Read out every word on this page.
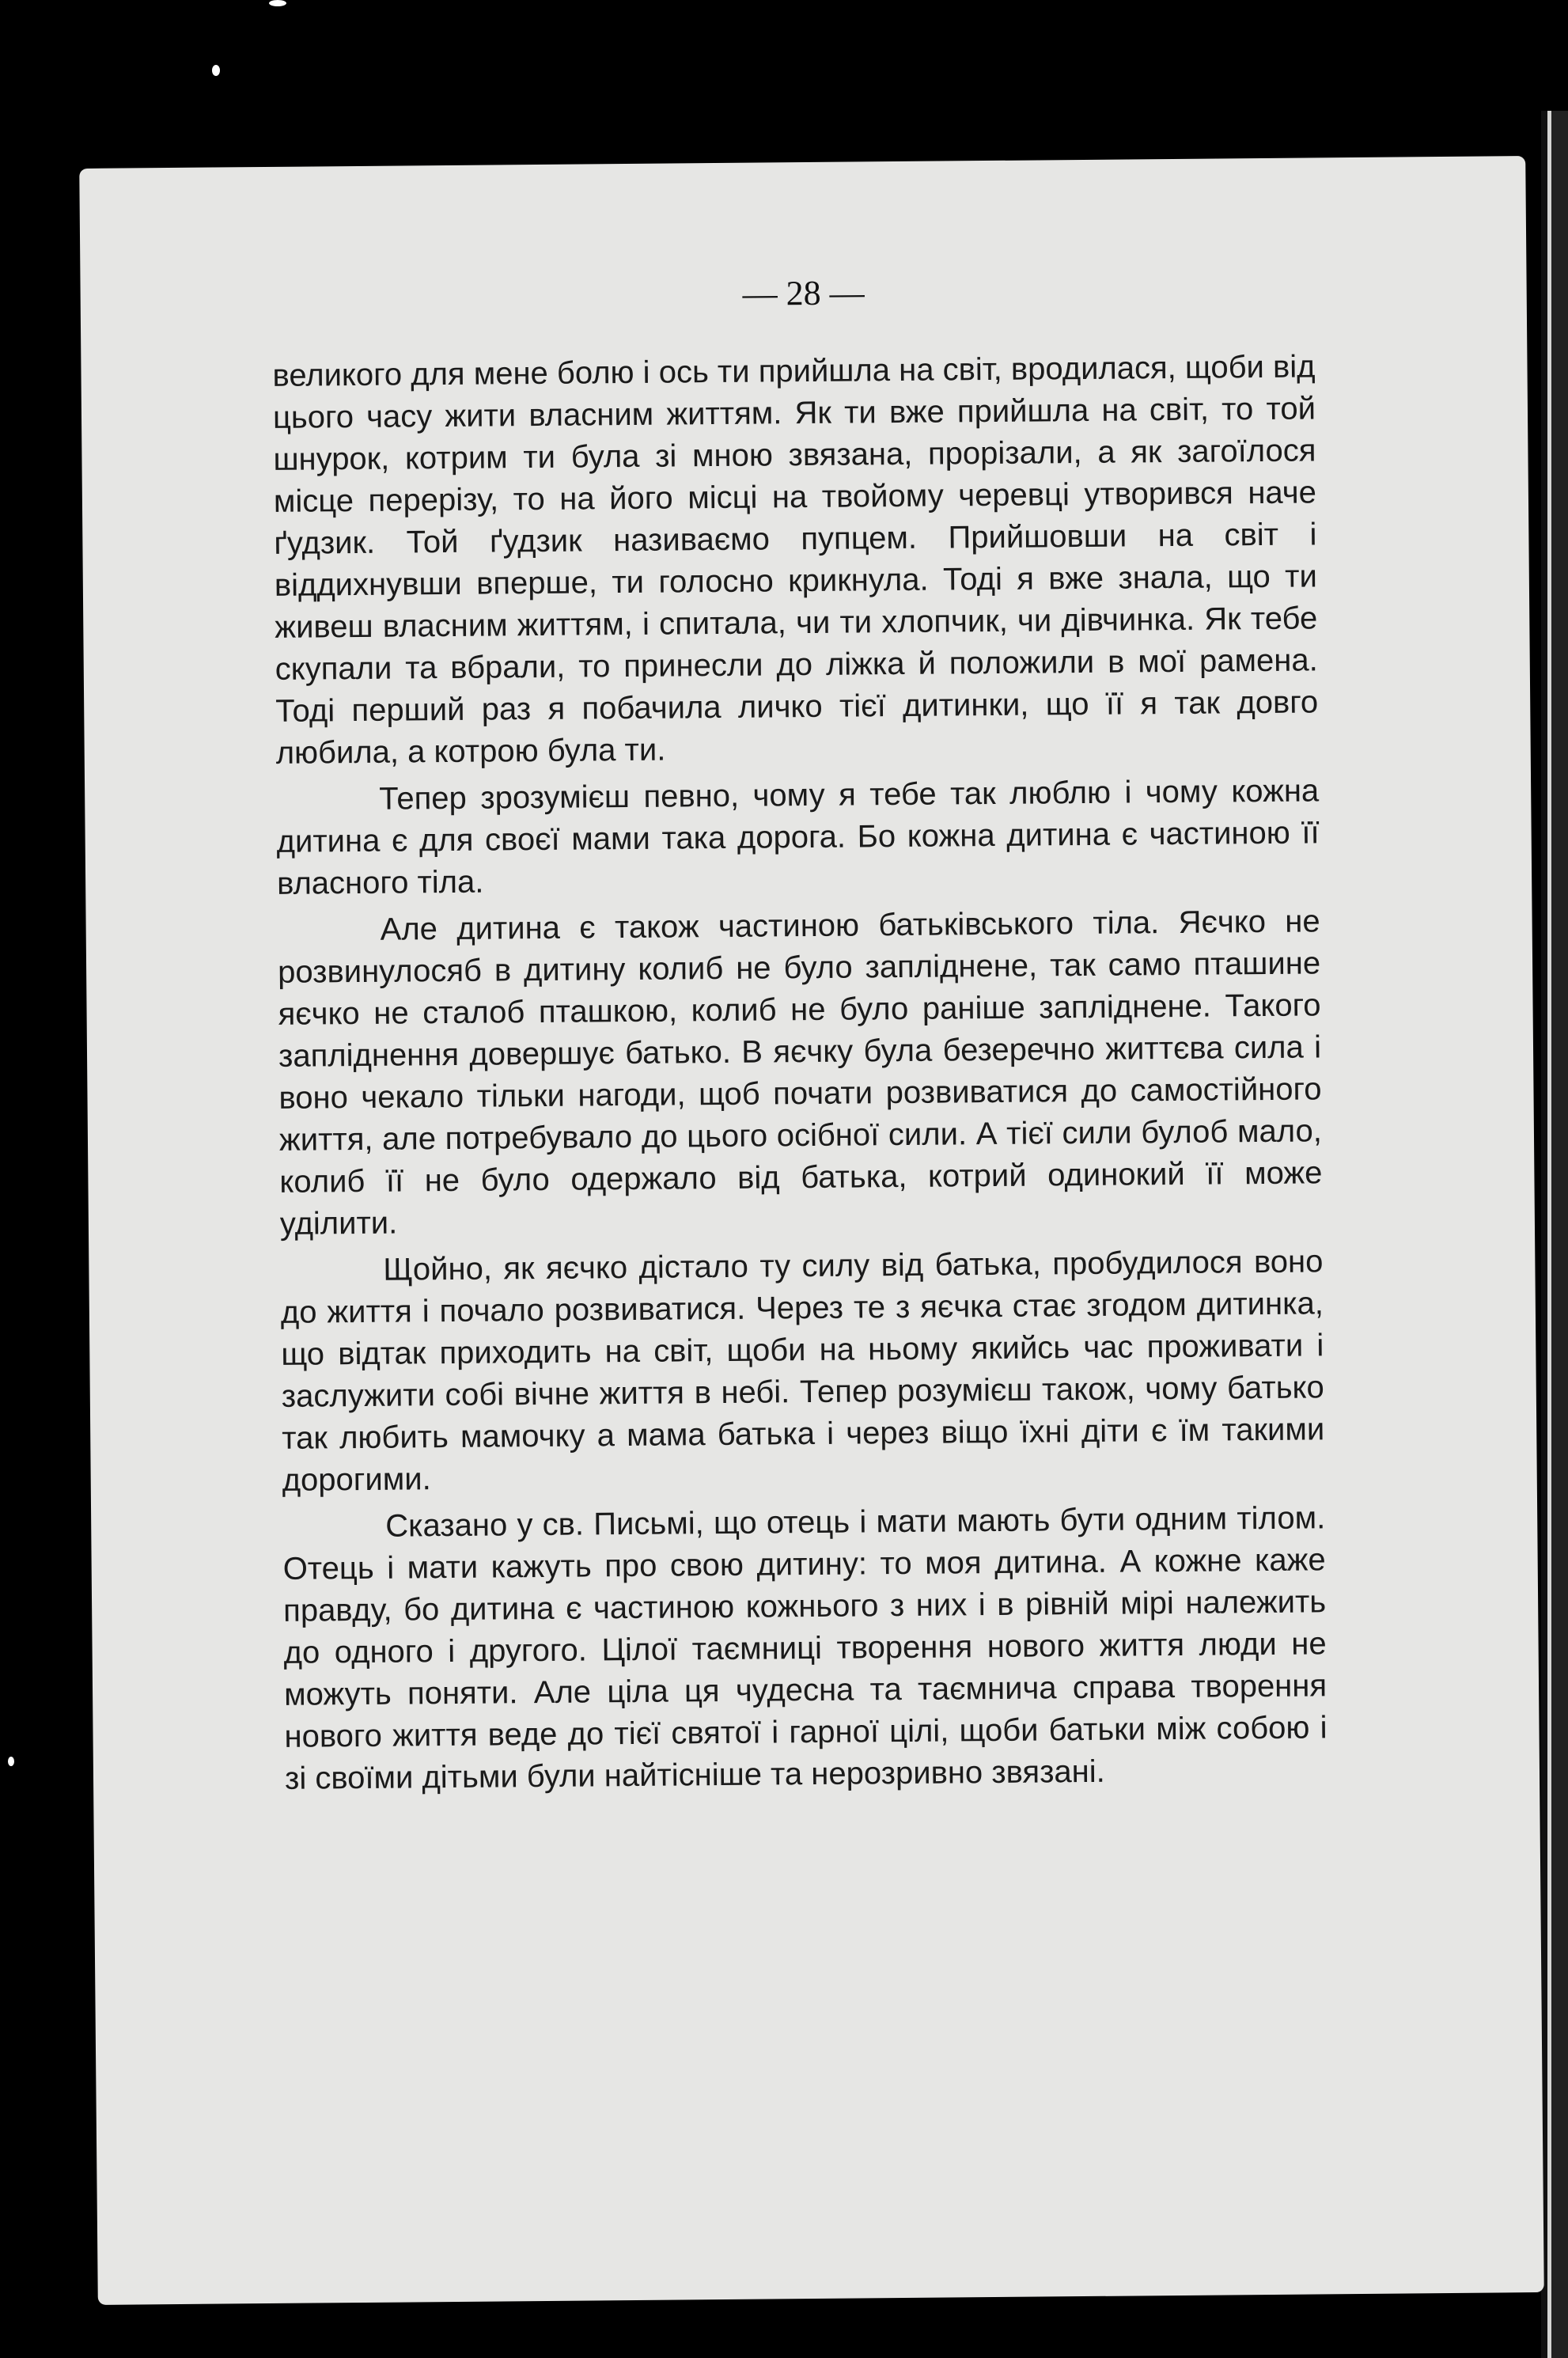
— 28 —

великого для мене болю і ось ти прийшла на світ, вродилася, щоби від цього часу жити власним життям. Як ти вже прийшла на світ, то той шнурок, котрим ти була зі мною звязана, прорізали, а як загоїлося місце перерізу, то на його місці на твойому черевці утворився наче ґудзик. Той ґудзик називаємо пупцем. Прийшовши на світ і віддихнувши вперше, ти голосно крикнула. Тоді я вже знала, що ти живеш власним життям, і спитала, чи ти хлопчик, чи дівчинка. Як тебе скупали та вбрали, то принесли до ліжка й положили в мої рамена. Тоді перший раз я побачила личко тієї дитинки, що її я так довго любила, а котрою була ти.

Тепер зрозумієш певно, чому я тебе так люблю і чому кожна дитина є для своєї мами така дорога. Бо кожна дитина є частиною її власного тіла.

Але дитина є також частиною батьківського тіла. Яєчко не розвинулосяб в дитину колиб не було запліднене, так само пташине яєчко не сталоб пташкою, колиб не було раніше запліднене. Такого запліднення довершує батько. В яєчку була безеречно життєва сила і воно чекало тільки нагоди, щоб почати розвиватися до самостійного життя, але потребувало до цього осібної сили. А тієї сили булоб мало, колиб її не було одержало від батька, котрий одинокий її може уділити.

Щойно, як яєчко дістало ту силу від батька, пробудилося воно до життя і почало розвиватися. Через те з яєчка стає згодом дитинка, що відтак приходить на світ, щоби на ньому якийсь час проживати і заслужити собі вічне життя в небі. Тепер розумієш також, чому батько так любить мамочку а мама батька і через віщо їхні діти є їм такими дорогими.

Сказано у св. Письмі, що отець і мати мають бути одним тілом. Отець і мати кажуть про свою дитину: то моя дитина. А кожне каже правду, бо дитина є частиною кожнього з них і в рівній мірі належить до одного і другого. Цілої таємниці творення нового життя люди не можуть поняти. Але ціла ця чудесна та таємнича справа творення нового життя веде до тієї святої і гарної цілі, щоби батьки між собою і зі своїми дітьми були найтісніше та нерозривно звязані.
